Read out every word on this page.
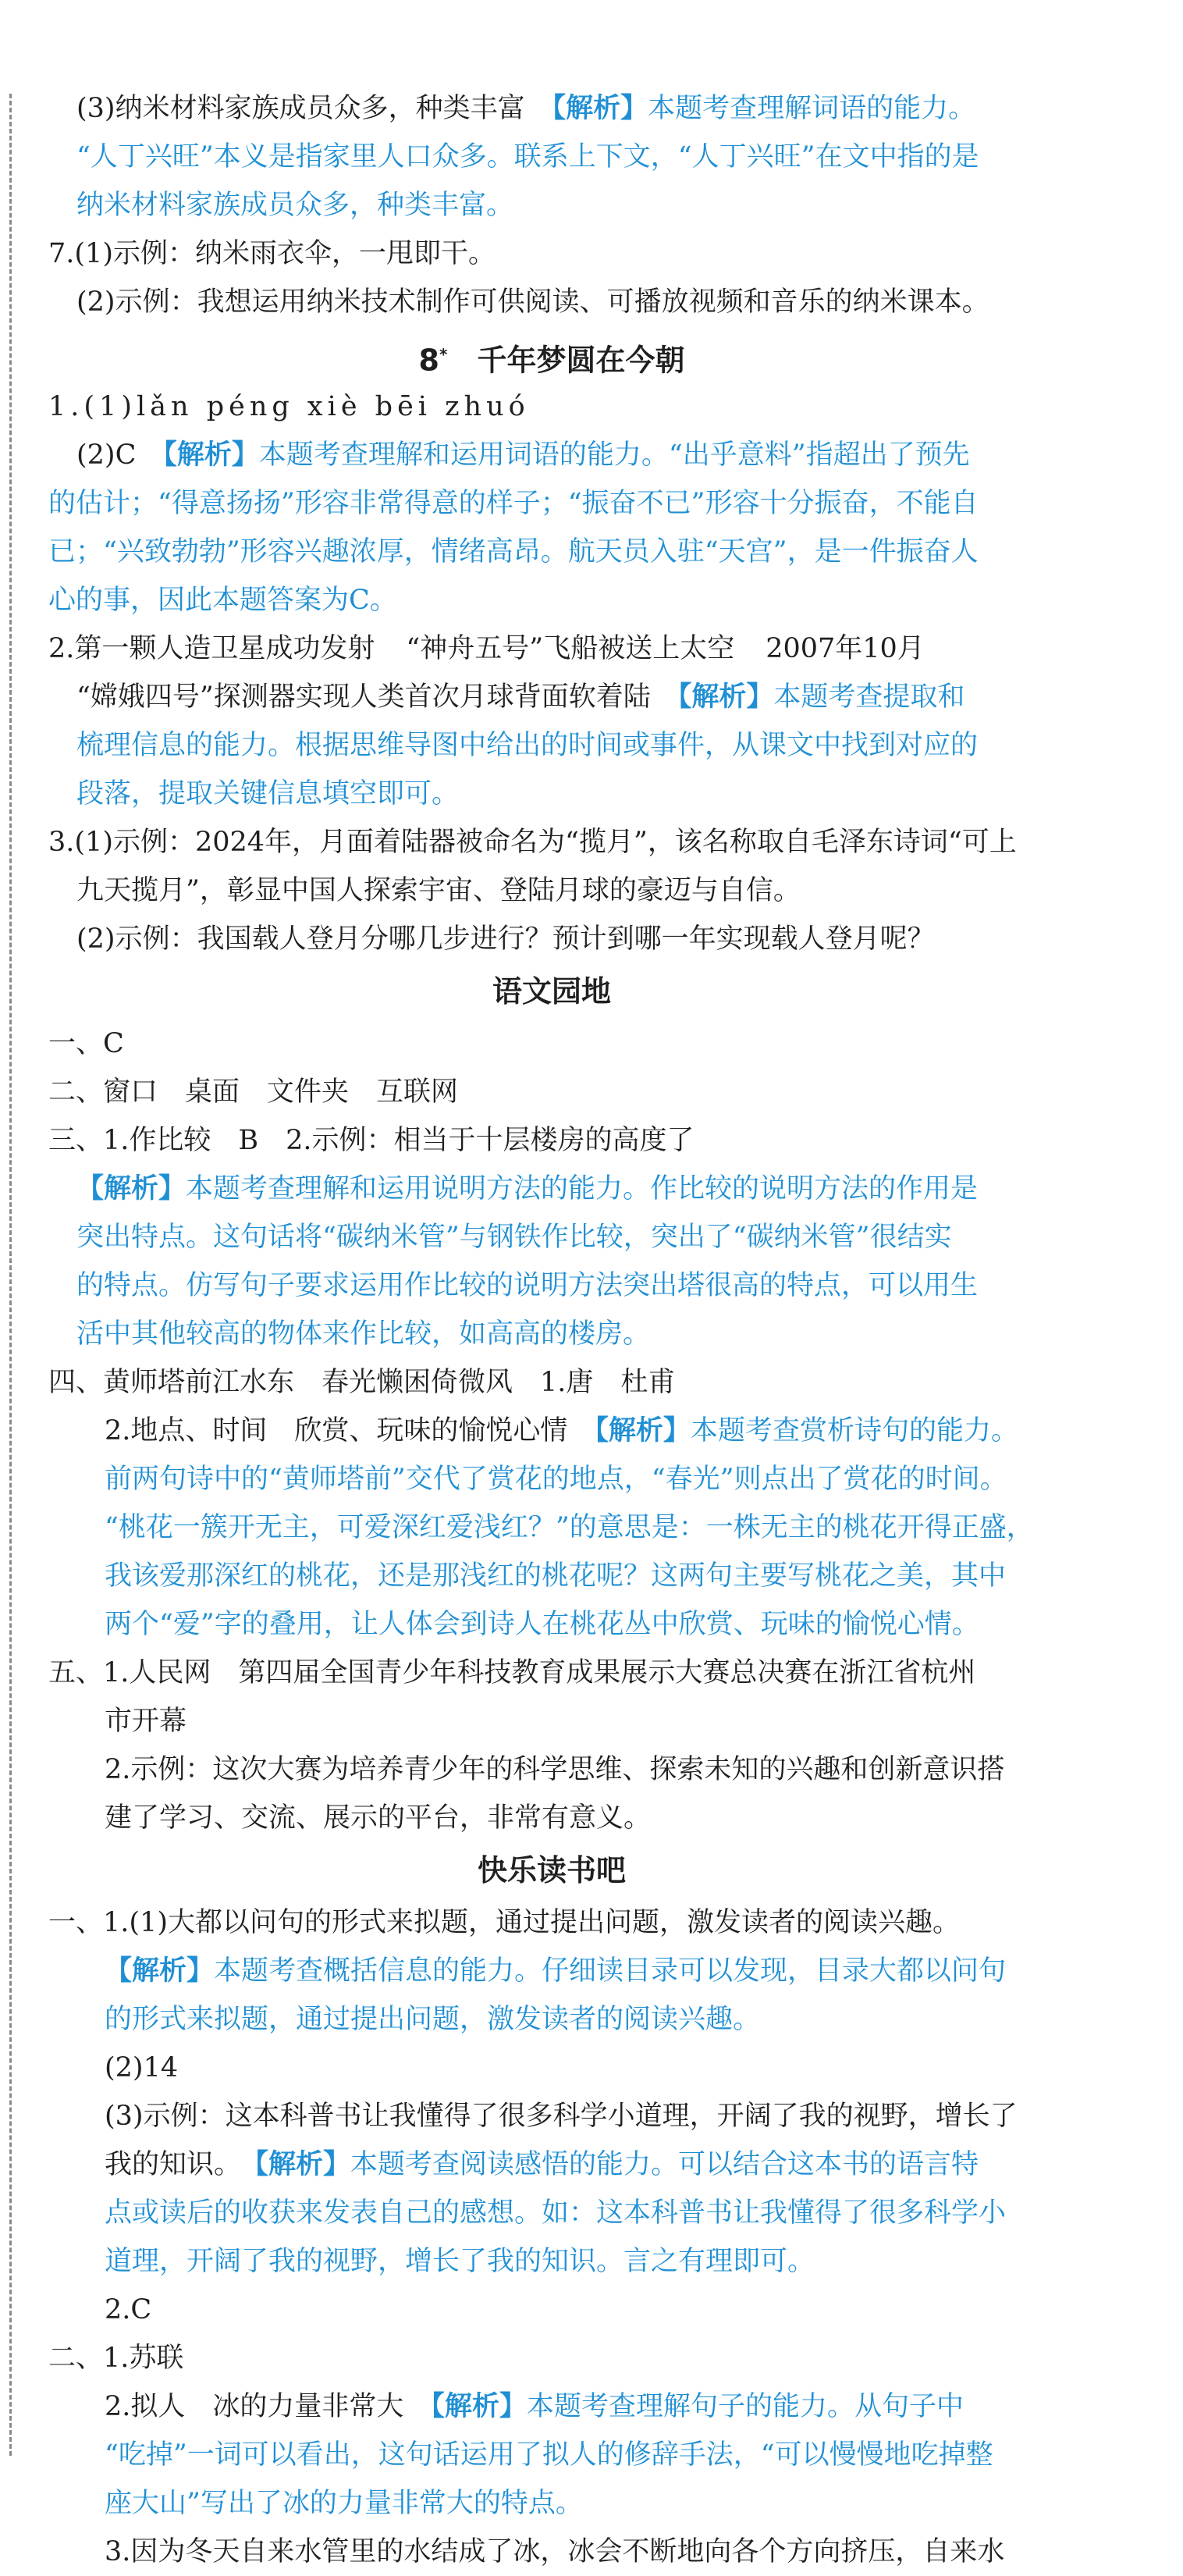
(3)纳米材料家族成员众多，种类丰富　 【解析】本题考查理解词语的能力。
“人丁兴旺”本义是指家里人口众多。联系上下文，“人丁兴旺”在文中指的是
纳米材料家族成员众多，种类丰富。
7.(1)示例：纳米雨衣伞，一甩即干。
(2)示例：我想运用纳米技术制作可供阅读、可播放视频和音乐的纳米课本。
8*　 千年梦圆在今朝
1.(1)lǎn péng xiè bēi zhuó
(2)C　 【解析】本题考查理解和运用词语的能力。“出乎意料”指超出了预先
的估计；“得意扬扬”形容非常得意的样子；“振奋不已”形容十分振奋，不能自
已；“兴致勃勃”形容兴趣浓厚，情绪高昂。航天员入驻“天宫”，是一件振奋人
心的事，因此本题答案为C。
2.第一颗人造卫星成功发射 “神舟五号”飞船被送上太空 2007年10月
“嫦娥四号”探测器实现人类首次月球背面软着陆　 【解析】本题考查提取和
梳理信息的能力。根据思维导图中给出的时间或事件，从课文中找到对应的
段落，提取关键信息填空即可。
3.(1)示例：2024年，月面着陆器被命名为“揽月”，该名称取自毛泽东诗词“可上
九天揽月”，彰显中国人探索宇宙、登陆月球的豪迈与自信。
(2)示例：我国载人登月分哪几步进行？预计到哪一年实现载人登月呢？
语文园地
一、C
二、窗口　桌面　文件夹　互联网
三、1.作比较　B　2.示例：相当于十层楼房的高度了
【解析】本题考查理解和运用说明方法的能力。作比较的说明方法的作用是
突出特点。这句话将“碳纳米管”与钢铁作比较，突出了“碳纳米管”很结实
的特点。仿写句子要求运用作比较的说明方法突出塔很高的特点，可以用生
活中其他较高的物体来作比较，如高高的楼房。
四、黄师塔前江水东　春光懒困倚微风　1.唐　杜甫
2.地点、时间　欣赏、玩味的愉悦心情　 【解析】本题考查赏析诗句的能力。
前两句诗中的“黄师塔前”交代了赏花的地点，“春光”则点出了赏花的时间。
“桃花一簇开无主，可爱深红爱浅红？”的意思是：一株无主的桃花开得正盛，
我该爱那深红的桃花，还是那浅红的桃花呢？这两句主要写桃花之美，其中
两个“爱”字的叠用，让人体会到诗人在桃花丛中欣赏、玩味的愉悦心情。
五、1.人民网　第四届全国青少年科技教育成果展示大赛总决赛在浙江省杭州
市开幕
2.示例：这次大赛为培养青少年的科学思维、探索未知的兴趣和创新意识搭
建了学习、交流、展示的平台，非常有意义。
快乐读书吧
一、1.(1)大都以问句的形式来拟题，通过提出问题，激发读者的阅读兴趣。
【解析】本题考查概括信息的能力。仔细读目录可以发现，目录大都以问句
的形式来拟题，通过提出问题，激发读者的阅读兴趣。
(2)14
(3)示例：这本科普书让我懂得了很多科学小道理，开阔了我的视野，增长了
我的知识。　 【解析】本题考查阅读感悟的能力。可以结合这本书的语言特
点或读后的收获来发表自己的感想。如：这本科普书让我懂得了很多科学小
道理，开阔了我的视野，增长了我的知识。言之有理即可。
2.C
二、1.苏联
2.拟人　冰的力量非常大　 【解析】本题考查理解句子的能力。从句子中
“吃掉”一词可以看出，这句话运用了拟人的修辞手法，“可以慢慢地吃掉整
座大山”写出了冰的力量非常大的特点。
3.因为冬天自来水管里的水结成了冰，冰会不断地向各个方向挤压，自来水
